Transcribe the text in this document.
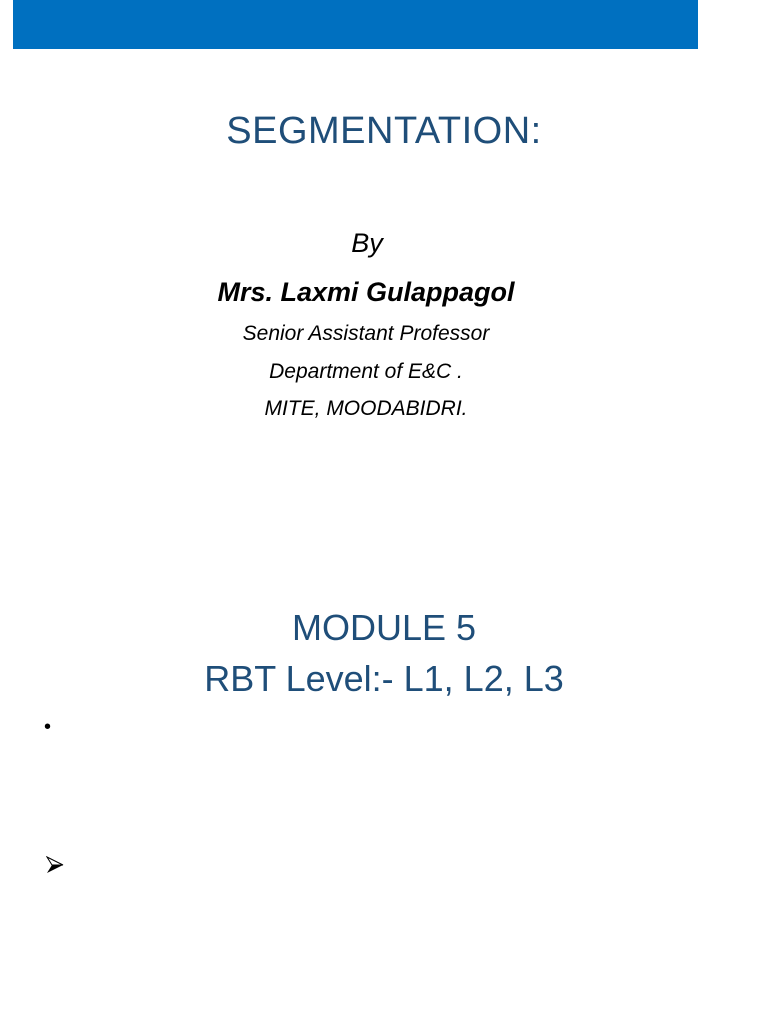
SEGMENTATION:
By
Mrs. Laxmi Gulappagol
Senior Assistant Professor
Department of E&C .
MITE, MOODABIDRI.
MODULE 5
RBT Level:- L1, L2, L3
•
